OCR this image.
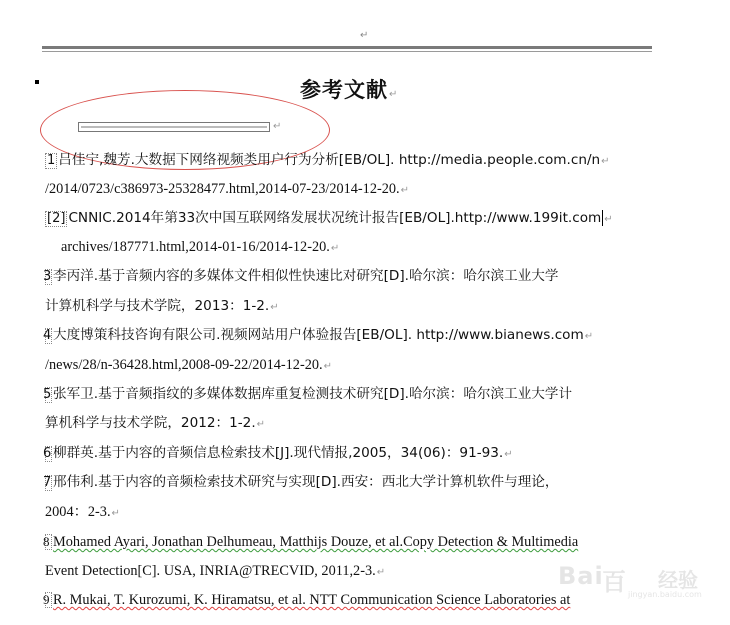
↵
参考文献↵
↵
1 吕佳宁,魏芳.大数据下网络视频类用户行为分析[EB/OL]. http://media.people.com.cn/n↵
/2014/0723/c386973-25328477.html,2014-07-23/2014-12-20.↵
[2] CNNIC.2014年第33次中国互联网络发展状况统计报告[EB/OL].http://www.199it.com ↵
archives/187771.html,2014-01-16/2014-12-20.↵
3 李丙洋.基于音频内容的多媒体文件相似性快速比对研究[D].哈尔滨：哈尔滨工业大学
计算机科学与技术学院，2013：1-2.↵
4 大度博策科技咨询有限公司.视频网站用户体验报告[EB/OL]. http://www.bianews.com↵
/news/28/n-36428.html,2008-09-22/2014-12-20.↵
5 张军卫.基于音频指纹的多媒体数据库重复检测技术研究[D].哈尔滨：哈尔滨工业大学计
算机科学与技术学院，2012：1-2.↵
6 柳群英.基于内容的音频信息检索技术[J].现代情报,2005，34(06)：91-93.↵
7 邢伟利.基于内容的音频检索技术研究与实现[D].西安：西北大学计算机软件与理论，
2004：2-3.↵
8 Mohamed Ayari, Jonathan Delhumeau, Matthijs Douze, et al.Copy Detection & Multimedia
Event Detection[C]. USA, INRIA@TRECVID, 2011,2-3.↵
9 R. Mukai, T. Kurozumi, K. Hiramatsu, et al. NTT Communication Science Laboratories at
Bai
百 经验
jingyan.baidu.com
